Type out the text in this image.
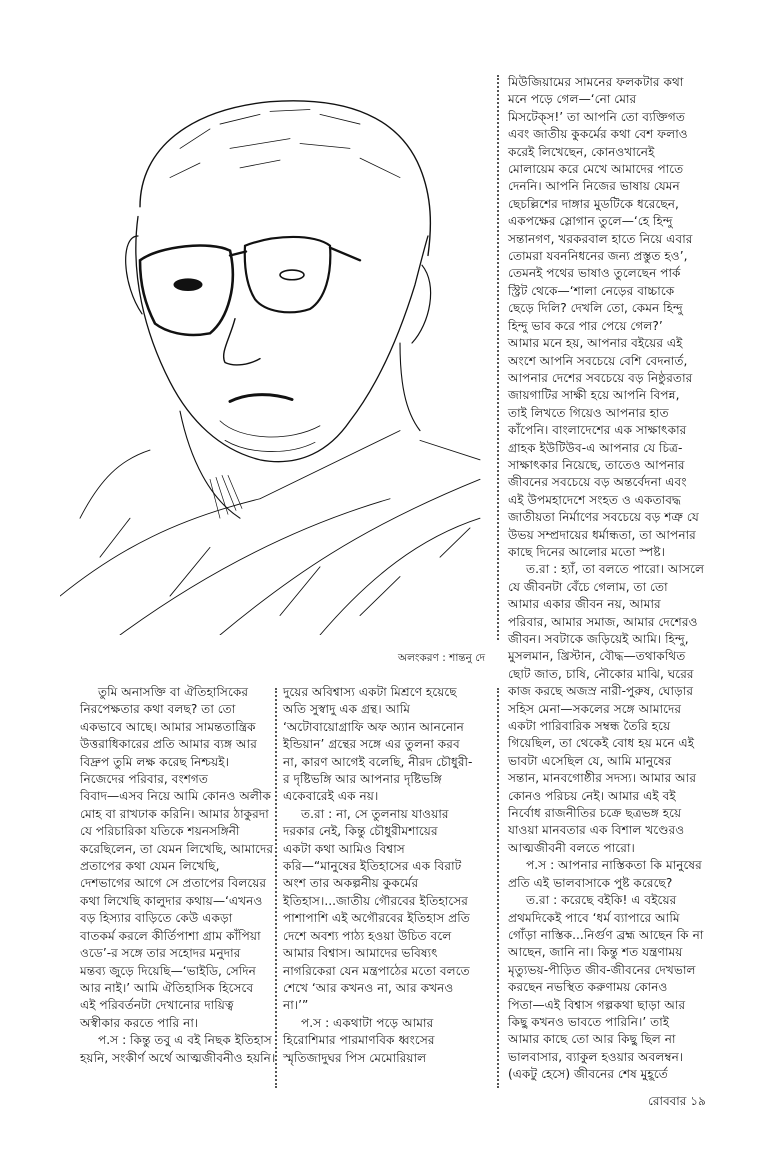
অলংকরণ : শান্তনু দে
তুমি অনাসক্তি বা ঐতিহাসিকের
নিরপেক্ষতার কথা বলছ? তা তো
একভাবে আছে। আমার সামন্ততান্ত্রিক
উত্তরাধিকারের প্রতি আমার ব্যঙ্গ আর
বিদ্রুপ তুমি লক্ষ করেছ নিশ্চয়ই।
নিজেদের পরিবার, বংশগত
বিবাদ—এসব নিয়ে আমি কোনও অলীক
মোহ বা রাখঢাক করিনি। আমার ঠাকুরদা
যে পরিচারিকা যতিকে শয়নসঙ্গিনী
করেছিলেন, তা যেমন লিখেছি, আমাদের
প্রতাপের কথা যেমন লিখেছি,
দেশভাগের আগে সে প্রতাপের বিলয়ের
কথা লিখেছি কালুদার কথায়—‘এখনও
বড় হিস্যার বাড়িতে কেউ একড়া
বাতকর্ম করলে কীর্তিপাশা গ্রাম কাঁপিয়া
ওডে’-র সঙ্গে তার সহোদর মনুদার
মন্তব্য জুড়ে দিয়েছি—‘ভাইডি, সেদিন
আর নাই।’ আমি ঐতিহাসিক হিসেবে
এই পরিবর্তনটা দেখানোর দায়িত্ব
অস্বীকার করতে পারি না।
প.স : কিন্তু তবু এ বই নিছক ইতিহাস
হয়নি, সংকীর্ণ অর্থে আত্মজীবনীও হয়নি।
দুয়ের অবিশ্বাস্য একটা মিশ্রণে হয়েছে
অতি সুস্বাদু এক গ্রন্থ। আমি
‘অটোবায়োগ্রাফি অফ অ্যান আননোন
ইন্ডিয়ান’ গ্রন্থের সঙ্গে এর তুলনা করব
না, কারণ আগেই বলেছি, নীরদ চৌধুরী-
র দৃষ্টিভঙ্গি আর আপনার দৃষ্টিভঙ্গি
একেবারেই এক নয়।
ত.রা : না, সে তুলনায় যাওয়ার
দরকার নেই, কিন্তু চৌধুরীমশায়ের
একটা কথা আমিও বিশ্বাস
করি—“মানুষের ইতিহাসের এক বিরাট
অংশ তার অকল্পনীয় কুকর্মের
ইতিহাস।...জাতীয় গৌরবের ইতিহাসের
পাশাপাশি এই অগৌরবের ইতিহাস প্রতি
দেশে অবশ্য পাঠ্য হওয়া উচিত বলে
আমার বিশ্বাস। আমাদের ভবিষ্যৎ
নাগরিকেরা যেন মন্ত্রপাঠের মতো বলতে
শেখে ‘আর কখনও না, আর কখনও
না।’”
প.স : একথাটা পড়ে আমার
হিরোশিমার পারমাণবিক ধ্বংসের
স্মৃতিজাদুঘর পিস মেমোরিয়াল
মিউজিয়ামের সামনের ফলকটার কথা
মনে পড়ে গেল—‘নো মোর
মিসটেক্‌স!’ তা আপনি তো ব্যক্তিগত
এবং জাতীয় কুকর্মের কথা বেশ ফলাও
করেই লিখেছেন, কোনওখানেই
মোলায়েম করে মেখে আমাদের পাতে
দেননি। আপনি নিজের ভাষায় যেমন
ছেচল্লিশের দাঙ্গার মুডটিকে ধরেছেন,
একপক্ষের স্লোগান তুলে—‘হে হিন্দু
সন্তানগণ, খরকরবাল হাতে নিয়ে এবার
তোমরা যবননিধনের জন্য প্রস্তুত হও’,
তেমনই পথের ভাষাও তুলেছেন পার্ক
স্ট্রিট থেকে—‘শালা নেড়ের বাচ্চাকে
ছেড়ে দিলি? দেখলি তো, কেমন হিন্দু
হিন্দু ভাব করে পার পেয়ে গেল?’
আমার মনে হয়, আপনার বইয়ের এই
অংশে আপনি সবচেয়ে বেশি বেদনার্ত,
আপনার দেশের সবচেয়ে বড় নিষ্ঠুরতার
জায়গাটির সাক্ষী হয়ে আপনি বিপন্ন,
তাই লিখতে গিয়েও আপনার হাত
কাঁপেনি। বাংলাদেশের এক সাক্ষাৎকার
গ্রাহক ইউটিউব-এ আপনার যে চিত্র-
সাক্ষাৎকার নিয়েছে, তাতেও আপনার
জীবনের সবচেয়ে বড় অন্তর্বেদনা এবং
এই উপমহাদেশে সংহত ও একতাবদ্ধ
জাতীয়তা নির্মাণের সবচেয়ে বড় শত্রু যে
উভয় সম্প্রদায়ের ধর্মান্ধতা, তা আপনার
কাছে দিনের আলোর মতো স্পষ্ট।
ত.রা : হ্যাঁ, তা বলতে পারো। আসলে
যে জীবনটা বেঁচে গেলাম, তা তো
আমার একার জীবন নয়, আমার
পরিবার, আমার সমাজ, আমার দেশেরও
জীবন। সবটাকে জড়িয়েই আমি। হিন্দু,
মুসলমান, খ্রিস্টান, বৌদ্ধ—তথাকথিত
ছোট জাত, চাষি, নৌকোর মাঝি, ঘরের
কাজ করছে অজস্র নারী-পুরুষ, ঘোড়ার
সহিস মেনা—সকলের সঙ্গে আমাদের
একটা পারিবারিক সম্বন্ধ তৈরি হয়ে
গিয়েছিল, তা থেকেই বোধ হয় মনে এই
ভাবটা এসেছিল যে, আমি মানুষের
সন্তান, মানবগোষ্ঠীর সদস্য। আমার আর
কোনও পরিচয় নেই। আমার এই বই
নির্বোধ রাজনীতির চক্রে ছত্রভঙ্গ হয়ে
যাওয়া মানবতার এক বিশাল খণ্ডেরও
আত্মজীবনী বলতে পারো।
প.স : আপনার নাস্তিকতা কি মানুষের
প্রতি এই ভালবাসাকে পুষ্ট করেছে?
ত.রা : করেছে বইকি! এ বইয়ের
প্রথমদিকেই পাবে ‘ধর্ম ব্যাপারে আমি
গোঁড়া নাস্তিক...নির্গুণ ব্রহ্ম আছেন কি না
আছেন, জানি না। কিন্তু শত যন্ত্রণাময়
মৃত্যুভয়-পীড়িত জীব-জীবনের দেখভাল
করছেন নভস্থিত করুণাময় কোনও
পিতা—এই বিশ্বাস গল্পকথা ছাড়া আর
কিছু কখনও ভাবতে পারিনি।’ তাই
আমার কাছে তো আর কিছু ছিল না
ভালবাসার, ব্যাকুল হওয়ার অবলম্বন।
(একটু হেসে) জীবনের শেষ মুহূর্তে
রোববার ১৯
